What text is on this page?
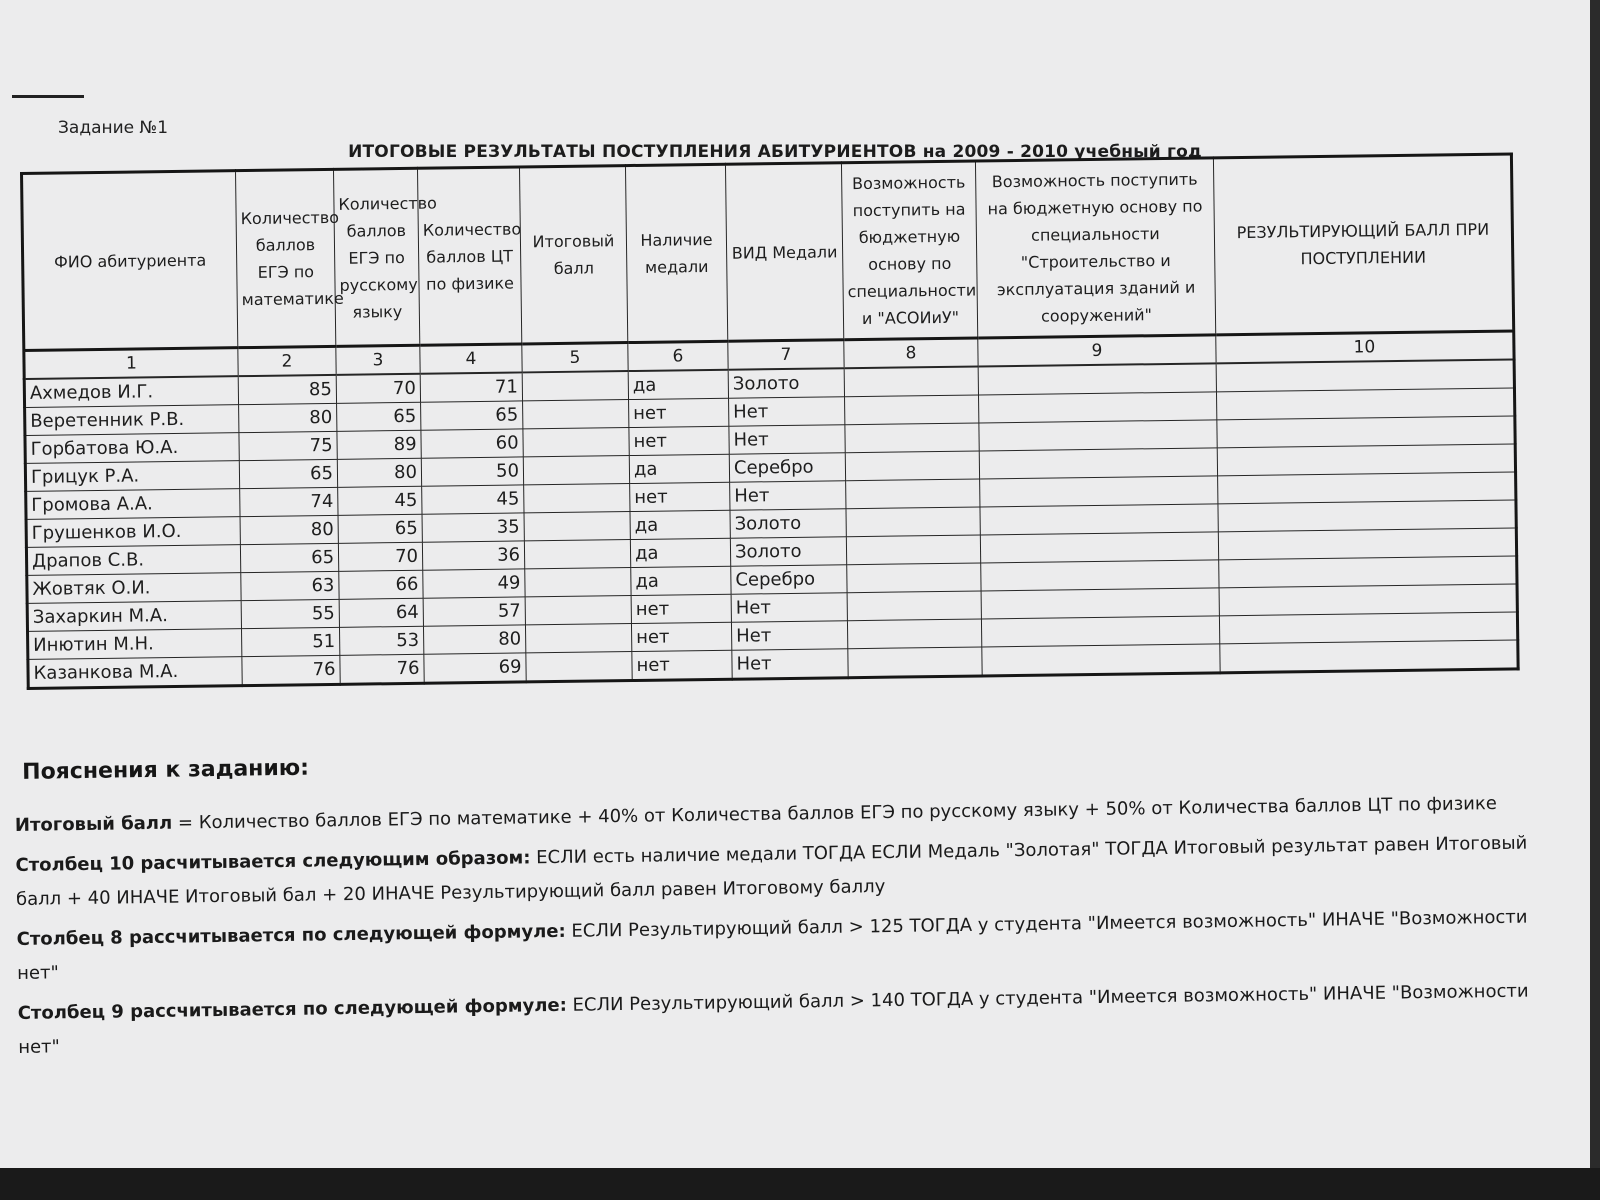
Задание №1
ИТОГОВЫЕ РЕЗУЛЬТАТЫ ПОСТУПЛЕНИЯ АБИТУРИЕНТОВ на 2009 - 2010 учебный год
ФИО абитуриента	Количество баллов ЕГЭ по математике	Количество баллов ЕГЭ по русскому языку	Количество баллов ЦТ по физике	Итоговый балл	Наличие медали	ВИД Медали	Возможность поступить на бюджетную основу по специальности и "АСОИиУ"	Возможность поступить на бюджетную основу по специальности "Строительство и эксплуатация зданий и сооружений"	РЕЗУЛЬТИРУЮЩИЙ БАЛЛ ПРИ ПОСТУПЛЕНИИ
1	2	3	4	5	6	7	8	9	10
Ахмедов И.Г.	85	70	71		да	Золото			
Веретенник Р.В.	80	65	65		нет	Нет			
Горбатова Ю.А.	75	89	60		нет	Нет			
Грицук Р.А.	65	80	50		да	Серебро			
Громова А.А.	74	45	45		нет	Нет			
Грушенков И.О.	80	65	35		да	Золото			
Драпов С.В.	65	70	36		да	Золото			
Жовтяк О.И.	63	66	49		да	Серебро			
Захаркин М.А.	55	64	57		нет	Нет			
Инютин М.Н.	51	53	80		нет	Нет			
Казанкова М.А.	76	76	69		нет	Нет			
Пояснения к заданию:

Итоговый балл = Количество баллов ЕГЭ по математике + 40% от Количества баллов ЕГЭ по русскому языку + 50% от Количества баллов ЦТ по физике

Столбец 10 расчитывается следующим образом: ЕСЛИ есть наличие медали ТОГДА ЕСЛИ Медаль "Золотая" ТОГДА Итоговый результат равен Итоговый балл + 40 ИНАЧЕ Итоговый бал + 20 ИНАЧЕ Результирующий балл равен Итоговому баллу

Столбец 8 рассчитывается по следующей формуле: ЕСЛИ Результирующий балл > 125 ТОГДА у студента "Имеется возможность" ИНАЧЕ "Возможности нет"

Столбец 9 рассчитывается по следующей формуле: ЕСЛИ Результирующий балл > 140 ТОГДА у студента "Имеется возможность" ИНАЧЕ "Возможности нет"
